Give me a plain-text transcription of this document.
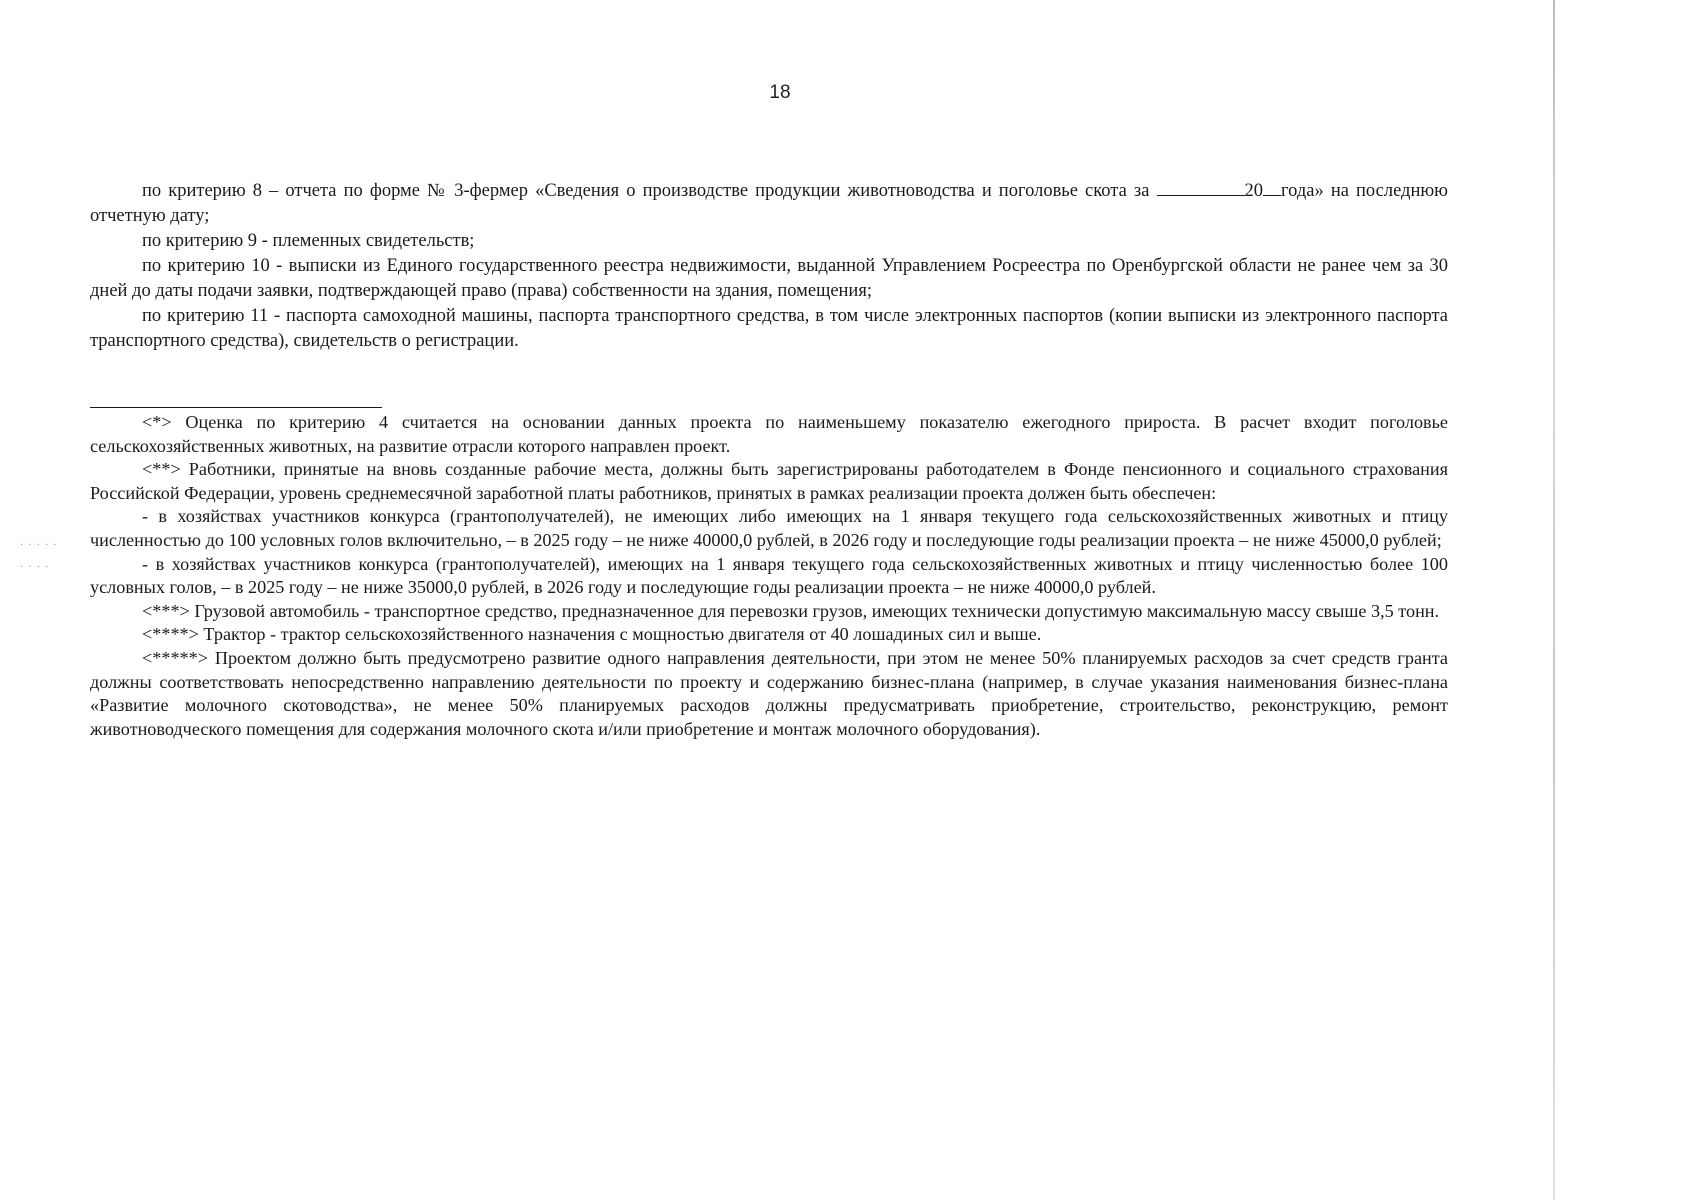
18

по критерию 8 – отчета по форме № 3-фермер «Сведения о производстве продукции животноводства и поголовье скота за	20 года» на последнюю отчетную дату;

по критерию 9 - племенных свидетельств;

по критерию 10 - выписки из Единого государственного реестра недвижимости, выданной Управлением Росреестра по Оренбургской области не ранее чем за 30 дней до даты подачи заявки, подтверждающей право (права) собственности на здания, помещения;

по критерию 11 - паспорта самоходной машины, паспорта транспортного средства, в том числе электронных паспортов (копии выписки из электронного паспорта транспортного средства), свидетельств о регистрации.

<*> Оценка по критерию 4 считается на основании данных проекта по наименьшему показателю ежегодного прироста. В расчет входит поголовье сельскохозяйственных животных, на развитие отрасли которого направлен проект.

<**> Работники, принятые на вновь созданные рабочие места, должны быть зарегистрированы работодателем в Фонде пенсионного и социального страхования Российской Федерации, уровень среднемесячной заработной платы работников, принятых в рамках реализации проекта должен быть обеспечен:

- в хозяйствах участников конкурса (грантополучателей), не имеющих либо имеющих на 1 января текущего года сельскохозяйственных животных и птицу численностью до 100 условных голов включительно, – в 2025 году – не ниже 40000,0 рублей, в 2026 году и последующие годы реализации проекта – не ниже 45000,0 рублей;

- в хозяйствах участников конкурса (грантополучателей), имеющих на 1 января текущего года сельскохозяйственных животных и птицу численностью более 100 условных голов, – в 2025 году – не ниже 35000,0 рублей, в 2026 году и последующие годы реализации проекта – не ниже 40000,0 рублей.

<***> Грузовой автомобиль - транспортное средство, предназначенное для перевозки грузов, имеющих технически допустимую максимальную массу свыше 3,5 тонн.

<****> Трактор - трактор сельскохозяйственного назначения с мощностью двигателя от 40 лошадиных сил и выше.

<*****> Проектом должно быть предусмотрено развитие одного направления деятельности, при этом не менее 50% планируемых расходов за счет средств гранта должны соответствовать непосредственно направлению деятельности по проекту и содержанию бизнес-плана (например, в случае указания наименования бизнес-плана «Развитие молочного скотоводства», не менее 50% планируемых расходов должны предусматривать приобретение, строительство, реконструкцию, ремонт животноводческого помещения для содержания молочного скота и/или приобретение и монтаж молочного оборудования).

· · · · ·
· · · ·
